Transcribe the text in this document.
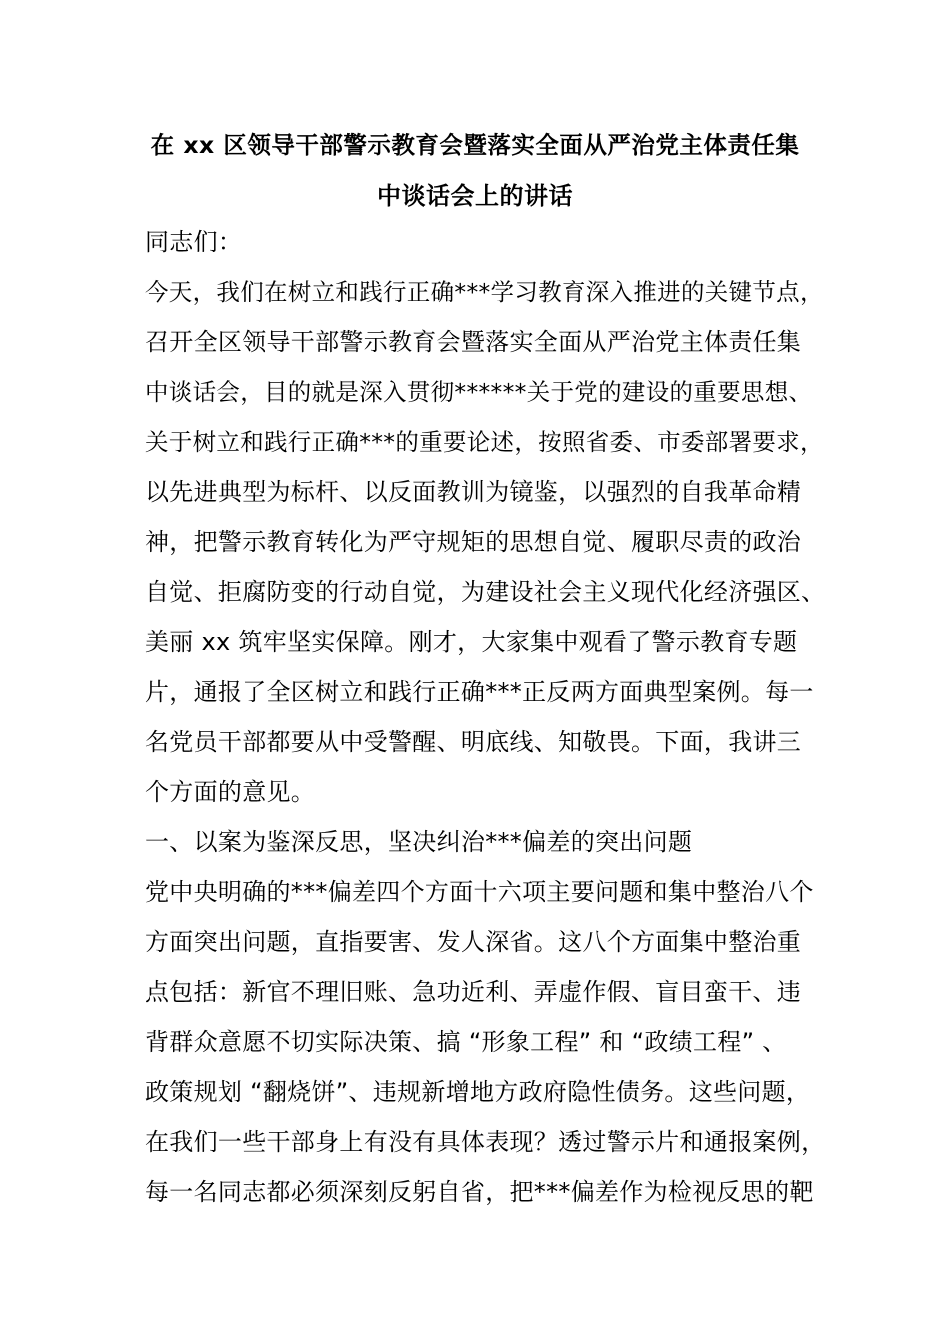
在 xx 区领导干部警示教育会暨落实全面从严治党主体责任集
中谈话会上的讲话
同志们：
今天，我们在树立和践行正确***学习教育深入推进的关键节点，
召开全区领导干部警示教育会暨落实全面从严治党主体责任集
中谈话会，目的就是深入贯彻******关于党的建设的重要思想、
关于树立和践行正确***的重要论述，按照省委、市委部署要求，
以先进典型为标杆、以反面教训为镜鉴，以强烈的自我革命精
神，把警示教育转化为严守规矩的思想自觉、履职尽责的政治
自觉、拒腐防变的行动自觉，为建设社会主义现代化经济强区、
美丽 xx 筑牢坚实保障。刚才，大家集中观看了警示教育专题
片，通报了全区树立和践行正确***正反两方面典型案例。每一
名党员干部都要从中受警醒、明底线、知敬畏。下面，我讲三
个方面的意见。
一、以案为鉴深反思，坚决纠治***偏差的突出问题
党中央明确的***偏差四个方面十六项主要问题和集中整治八个
方面突出问题，直指要害、发人深省。这八个方面集中整治重
点包括：新官不理旧账、急功近利、弄虚作假、盲目蛮干、违
背群众意愿不切实际决策、搞 “形象工程” 和 “政绩工程” 、
政策规划 “翻烧饼”、违规新增地方政府隐性债务。这些问题，
在我们一些干部身上有没有具体表现？透过警示片和通报案例，
每一名同志都必须深刻反躬自省，把***偏差作为检视反思的靶
